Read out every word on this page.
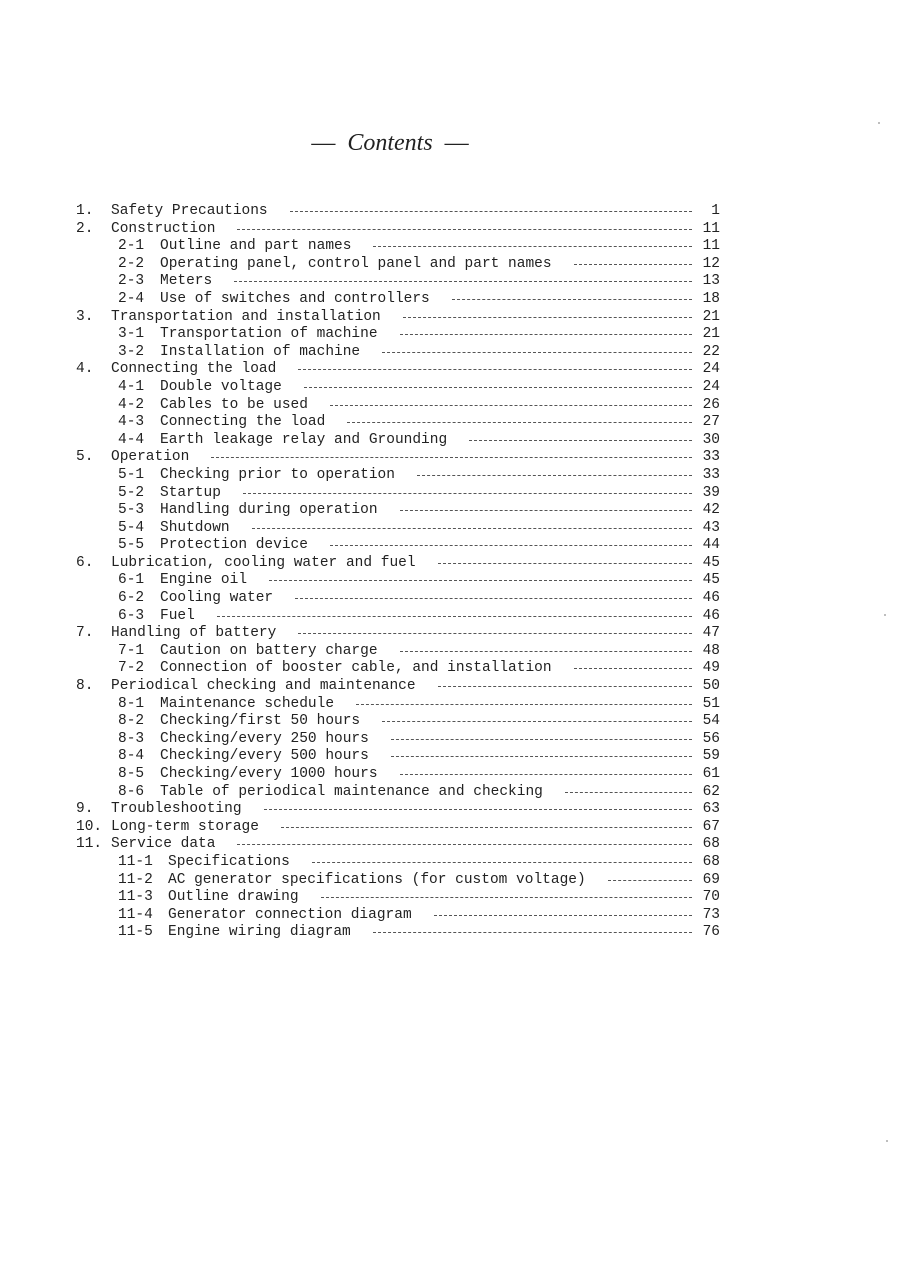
— Contents —
1. Safety Precautions	1
2. Construction	11
2-1 Outline and part names	11
2-2 Operating panel, control panel and part names	12
2-3 Meters	13
2-4 Use of switches and controllers	18
3. Transportation and installation	21
3-1 Transportation of machine	21
3-2 Installation of machine	22
4. Connecting the load	24
4-1 Double voltage	24
4-2 Cables to be used	26
4-3 Connecting the load	27
4-4 Earth leakage relay and Grounding	30
5. Operation	33
5-1 Checking prior to operation	33
5-2 Startup	39
5-3 Handling during operation	42
5-4 Shutdown	43
5-5 Protection device	44
6. Lubrication, cooling water and fuel	45
6-1 Engine oil	45
6-2 Cooling water	46
6-3 Fuel	46
7. Handling of battery	47
7-1 Caution on battery charge	48
7-2 Connection of booster cable, and installation	49
8. Periodical checking and maintenance	50
8-1 Maintenance schedule	51
8-2 Checking/first 50 hours	54
8-3 Checking/every 250 hours	56
8-4 Checking/every 500 hours	59
8-5 Checking/every 1000 hours	61
8-6 Table of periodical maintenance and checking	62
9. Troubleshooting	63
10. Long-term storage	67
11. Service data	68
11-1 Specifications	68
11-2 AC generator specifications (for custom voltage)	69
11-3 Outline drawing	70
11-4 Generator connection diagram	73
11-5 Engine wiring diagram	76
